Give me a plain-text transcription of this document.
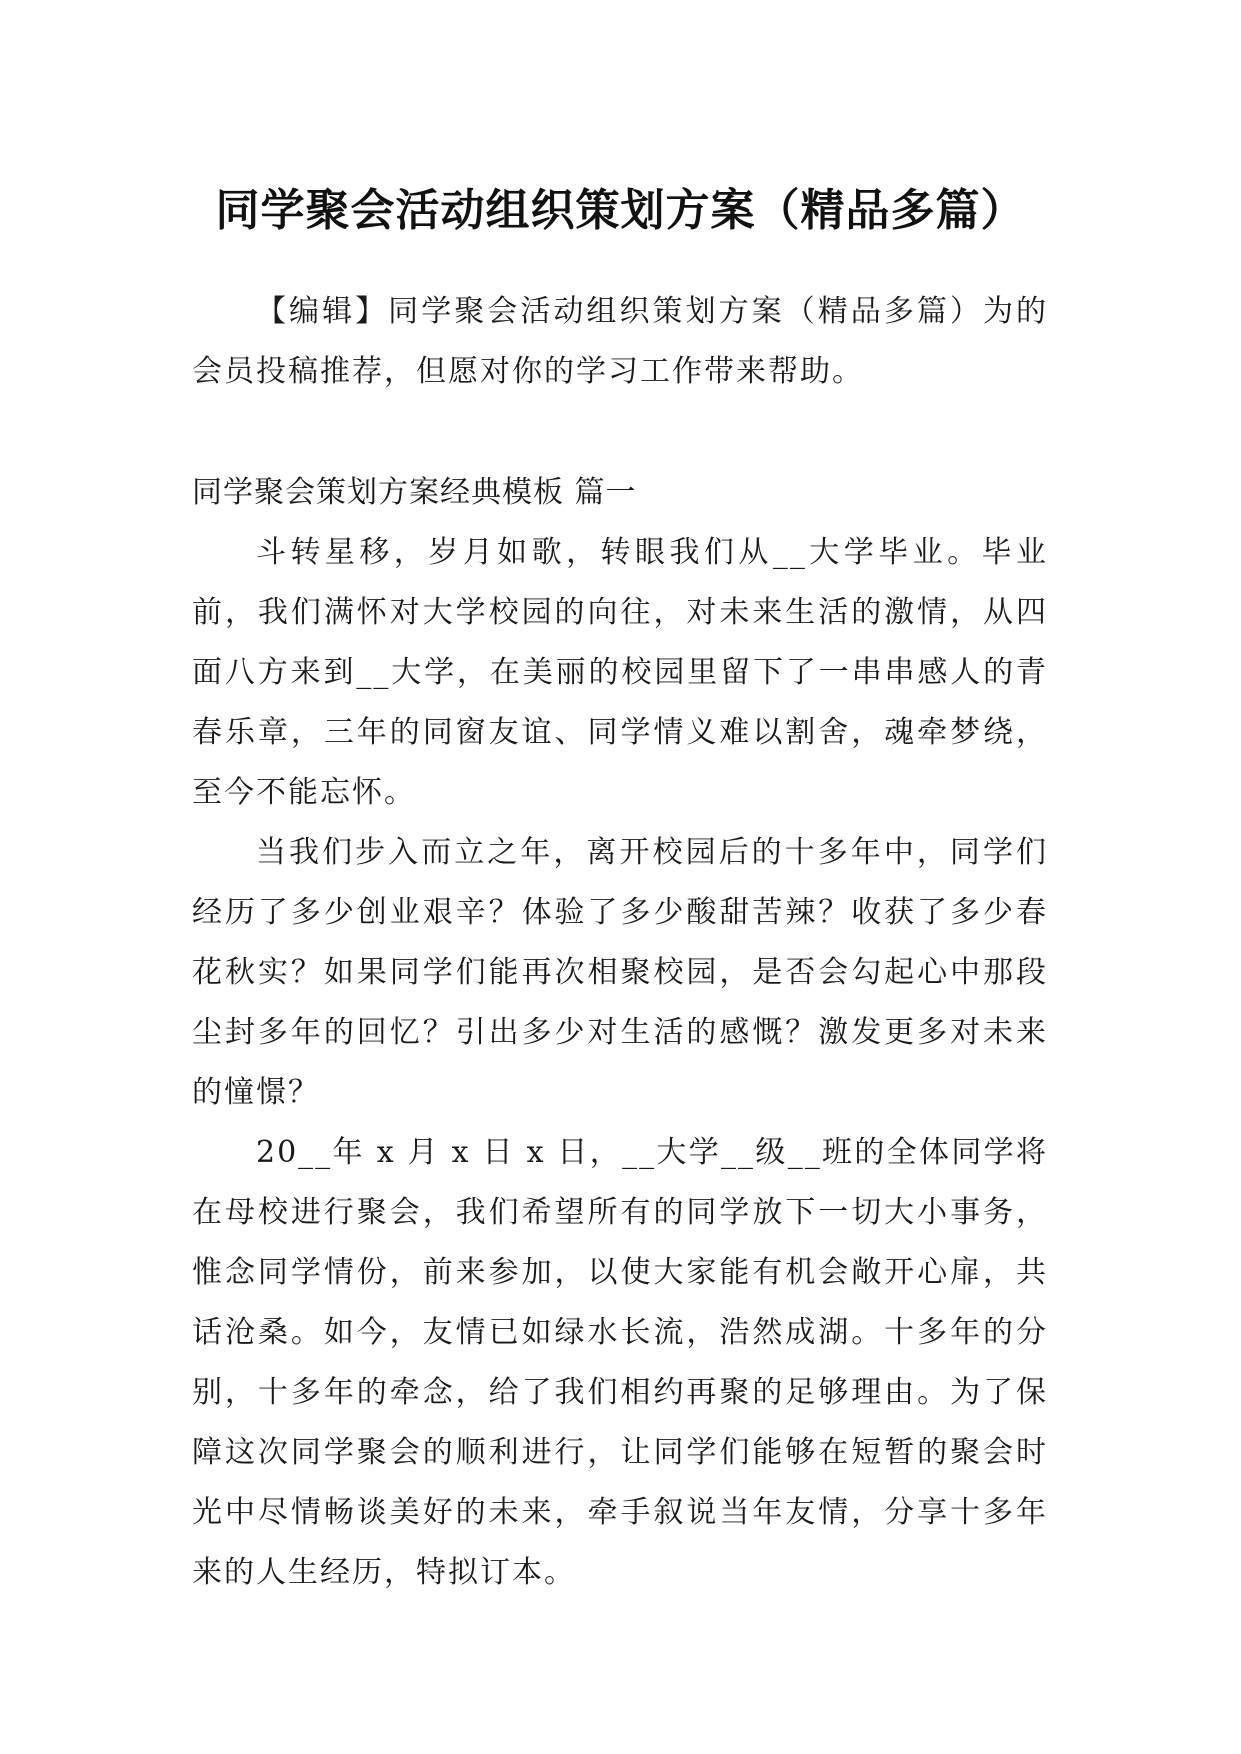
同学聚会活动组织策划方案（精品多篇）

【编辑】同学聚会活动组织策划方案（精品多篇）为的会员投稿推荐，但愿对你的学习工作带来帮助。

同学聚会策划方案经典模板 篇一

斗转星移，岁月如歌，转眼我们从__大学毕业。毕业前，我们满怀对大学校园的向往，对未来生活的激情，从四面八方来到__大学，在美丽的校园里留下了一串串感人的青春乐章，三年的同窗友谊、同学情义难以割舍，魂牵梦绕，至今不能忘怀。

当我们步入而立之年，离开校园后的十多年中，同学们经历了多少创业艰辛？体验了多少酸甜苦辣？收获了多少春花秋实？如果同学们能再次相聚校园，是否会勾起心中那段尘封多年的回忆？引出多少对生活的感慨？激发更多对未来的憧憬？

20__年 x 月 x 日 x 日，__大学__级__班的全体同学将在母校进行聚会，我们希望所有的同学放下一切大小事务，惟念同学情份，前来参加，以使大家能有机会敞开心扉，共话沧桑。如今，友情已如绿水长流，浩然成湖。十多年的分别，十多年的牵念，给了我们相约再聚的足够理由。为了保障这次同学聚会的顺利进行，让同学们能够在短暂的聚会时光中尽情畅谈美好的未来，牵手叙说当年友情，分享十多年来的人生经历，特拟订本。
